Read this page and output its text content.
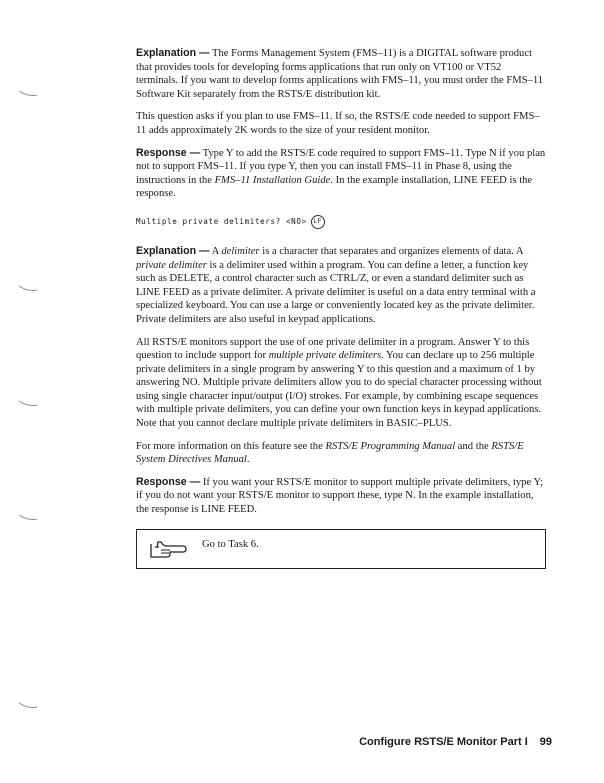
Explanation — The Forms Management System (FMS–11) is a DIGITAL software product that provides tools for developing forms applications that run only on VT100 or VT52 terminals. If you want to develop forms applications with FMS–11, you must order the FMS–11 Software Kit separately from the RSTS/E distribution kit.

This question asks if you plan to use FMS–11. If so, the RSTS/E code needed to support FMS–11 adds approximately 2K words to the size of your resident monitor.

Response — Type Y to add the RSTS/E code required to support FMS–11. Type N if you plan not to support FMS–11. If you type Y, then you can install FMS–11 in Phase 8, using the instructions in the FMS–11 Installation Guide. In the example installation, LINE FEED is the response.

Multiple private delimiters? <NO> LF

Explanation — A delimiter is a character that separates and organizes elements of data. A private delimiter is a delimiter used within a program. You can define a letter, a function key such as DELETE, a control character such as CTRL/Z, or even a standard delimiter such as LINE FEED as a private delimiter. A private delimiter is useful on a data entry terminal with a specialized keyboard. You can use a large or conveniently located key as the private delimiter. Private delimiters are also useful in keypad applications.

All RSTS/E monitors support the use of one private delimiter in a program. Answer Y to this question to include support for multiple private delimiters. You can declare up to 256 multiple private delimiters in a single program by answering Y to this question and a maximum of 1 by answering NO. Multiple private delimiters allow you to do special character processing without using single character input/output (I/O) strokes. For example, by combining escape sequences with multiple private delimiters, you can define your own function keys in keypad applications. Note that you cannot declare multiple private delimiters in BASIC–PLUS.

For more information on this feature see the RSTS/E Programming Manual and the RSTS/E System Directives Manual.

Response — If you want your RSTS/E monitor to support multiple private delimiters, type Y; if you do not want your RSTS/E monitor to support these, type N. In the example installation, the response is LINE FEED.

Go to Task 6.
Configure RSTS/E Monitor Part I 99
